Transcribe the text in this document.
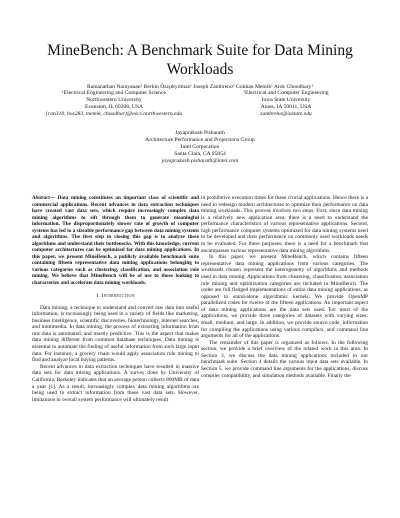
MineBench: A Benchmark Suite for Data Mining Workloads
Ramanathan Narayanan¹ Berkin Özışıkyılmaz¹ Joseph Zambreno² Gokhan Memik¹ Alok Choudhary¹
¹Electrical Engineering and Computer Science
Northwestern University
Evanston, IL 60208, USA
{ran310, boz283, memik, choudhar}@eecs.northwestern.edu
²Electrical and Computer Engineering
Iowa State University
Ames, IA 50011, USA
zambreno@iastate.edu
Jayaprakash Pisharath
Architecture Performance and Projections Group
Intel Corporation
Santa Clara, CA 95054
jayaprakash.pisharath@intel.com
Abstract— Data mining constitutes an important class of scientific and commercial applications. Recent advances in data extraction techniques have created vast data sets, which require increasingly complex data mining algorithms to sift through them to generate meaningful information. The disproportionately slower rate of growth of computer systems has led to a sizeable performance gap between data mining systems and algorithms. The first step in closing this gap is to analyze these algorithms and understand their bottlenecks. With this knowledge, current computer architectures can be optimized for data mining applications. In this paper, we present MineBench, a publicly available benchmark suite containing fifteen representative data mining applications belonging to various categories such as clustering, classification, and association rule mining. We believe that MineBench will be of use to those looking to characterize and accelerate data mining workloads.
I. Introduction

Data mining, a technique to understand and convert raw data into useful information, is increasingly being used in a variety of fields like marketing, business intelligence, scientific discoveries, biotechnology, internet searches, and multimedia. In data mining, the process of extracting information from raw data is automated, and mostly predictive. This is the aspect that makes data mining different from common database techniques. Data mining is essential to automate the finding of useful information from such large input data. For instance, a grocery chain would apply association rule mining to find and analyze local buying patterns.

Recent advances in data extraction techniques have resulted in massive data sets for data mining applications. A survey done by University of California, Berkeley indicates that an average person collects 800MB of data a year [1]. As a result, increasingly complex data mining algorithms are being used to extract information from these vast data sets. However, limitations in overall system performance will ultimately result

in prohibitive execution times for these crucial applications. Hence there is a need to redesign modern architectures to optimize their performance on data mining workloads. This process involves two steps. First, since data mining is a relatively new application area, there is a need to understand the performance characteristics of various representative applications. Second, high performance computer systems optimized for data mining systems need to be developed and their performance on commonly used workloads needs to be evaluated. For these purposes, there is a need for a benchmark that encompasses various representative data mining algorithms.

In this paper, we present MineBench, which contains fifteen representative data mining applications from various categories. The workloads chosen represent the heterogeneity of algorithms and methods used in data mining. Applications from clustering, classification, association rule mining and optimization categories are included in MineBench. The codes are full fledged implementations of entire data mining applications, as opposed to stand-alone algorithmic kernels. We provide OpenMP parallelized codes for twelve of the fifteen applications. An important aspect of data mining applications are the data sets used. For most of the applications, we provide three categories of datasets with varying sizes: small, medium, and large. In addition, we provide source code, information for compiling the applications using various compilers, and command line arguments for all of the applications.

The remainder of this paper is organized as follows. In the following section, we provide a brief overview of the related work in this area. In Section 3, we discuss the data mining applications included in our benchmark suite. Section 4 details the various input data sets available. In Section 5, we provide command line arguments for the applications, discuss compiler compatibility, and simulation methods available. Finally the
